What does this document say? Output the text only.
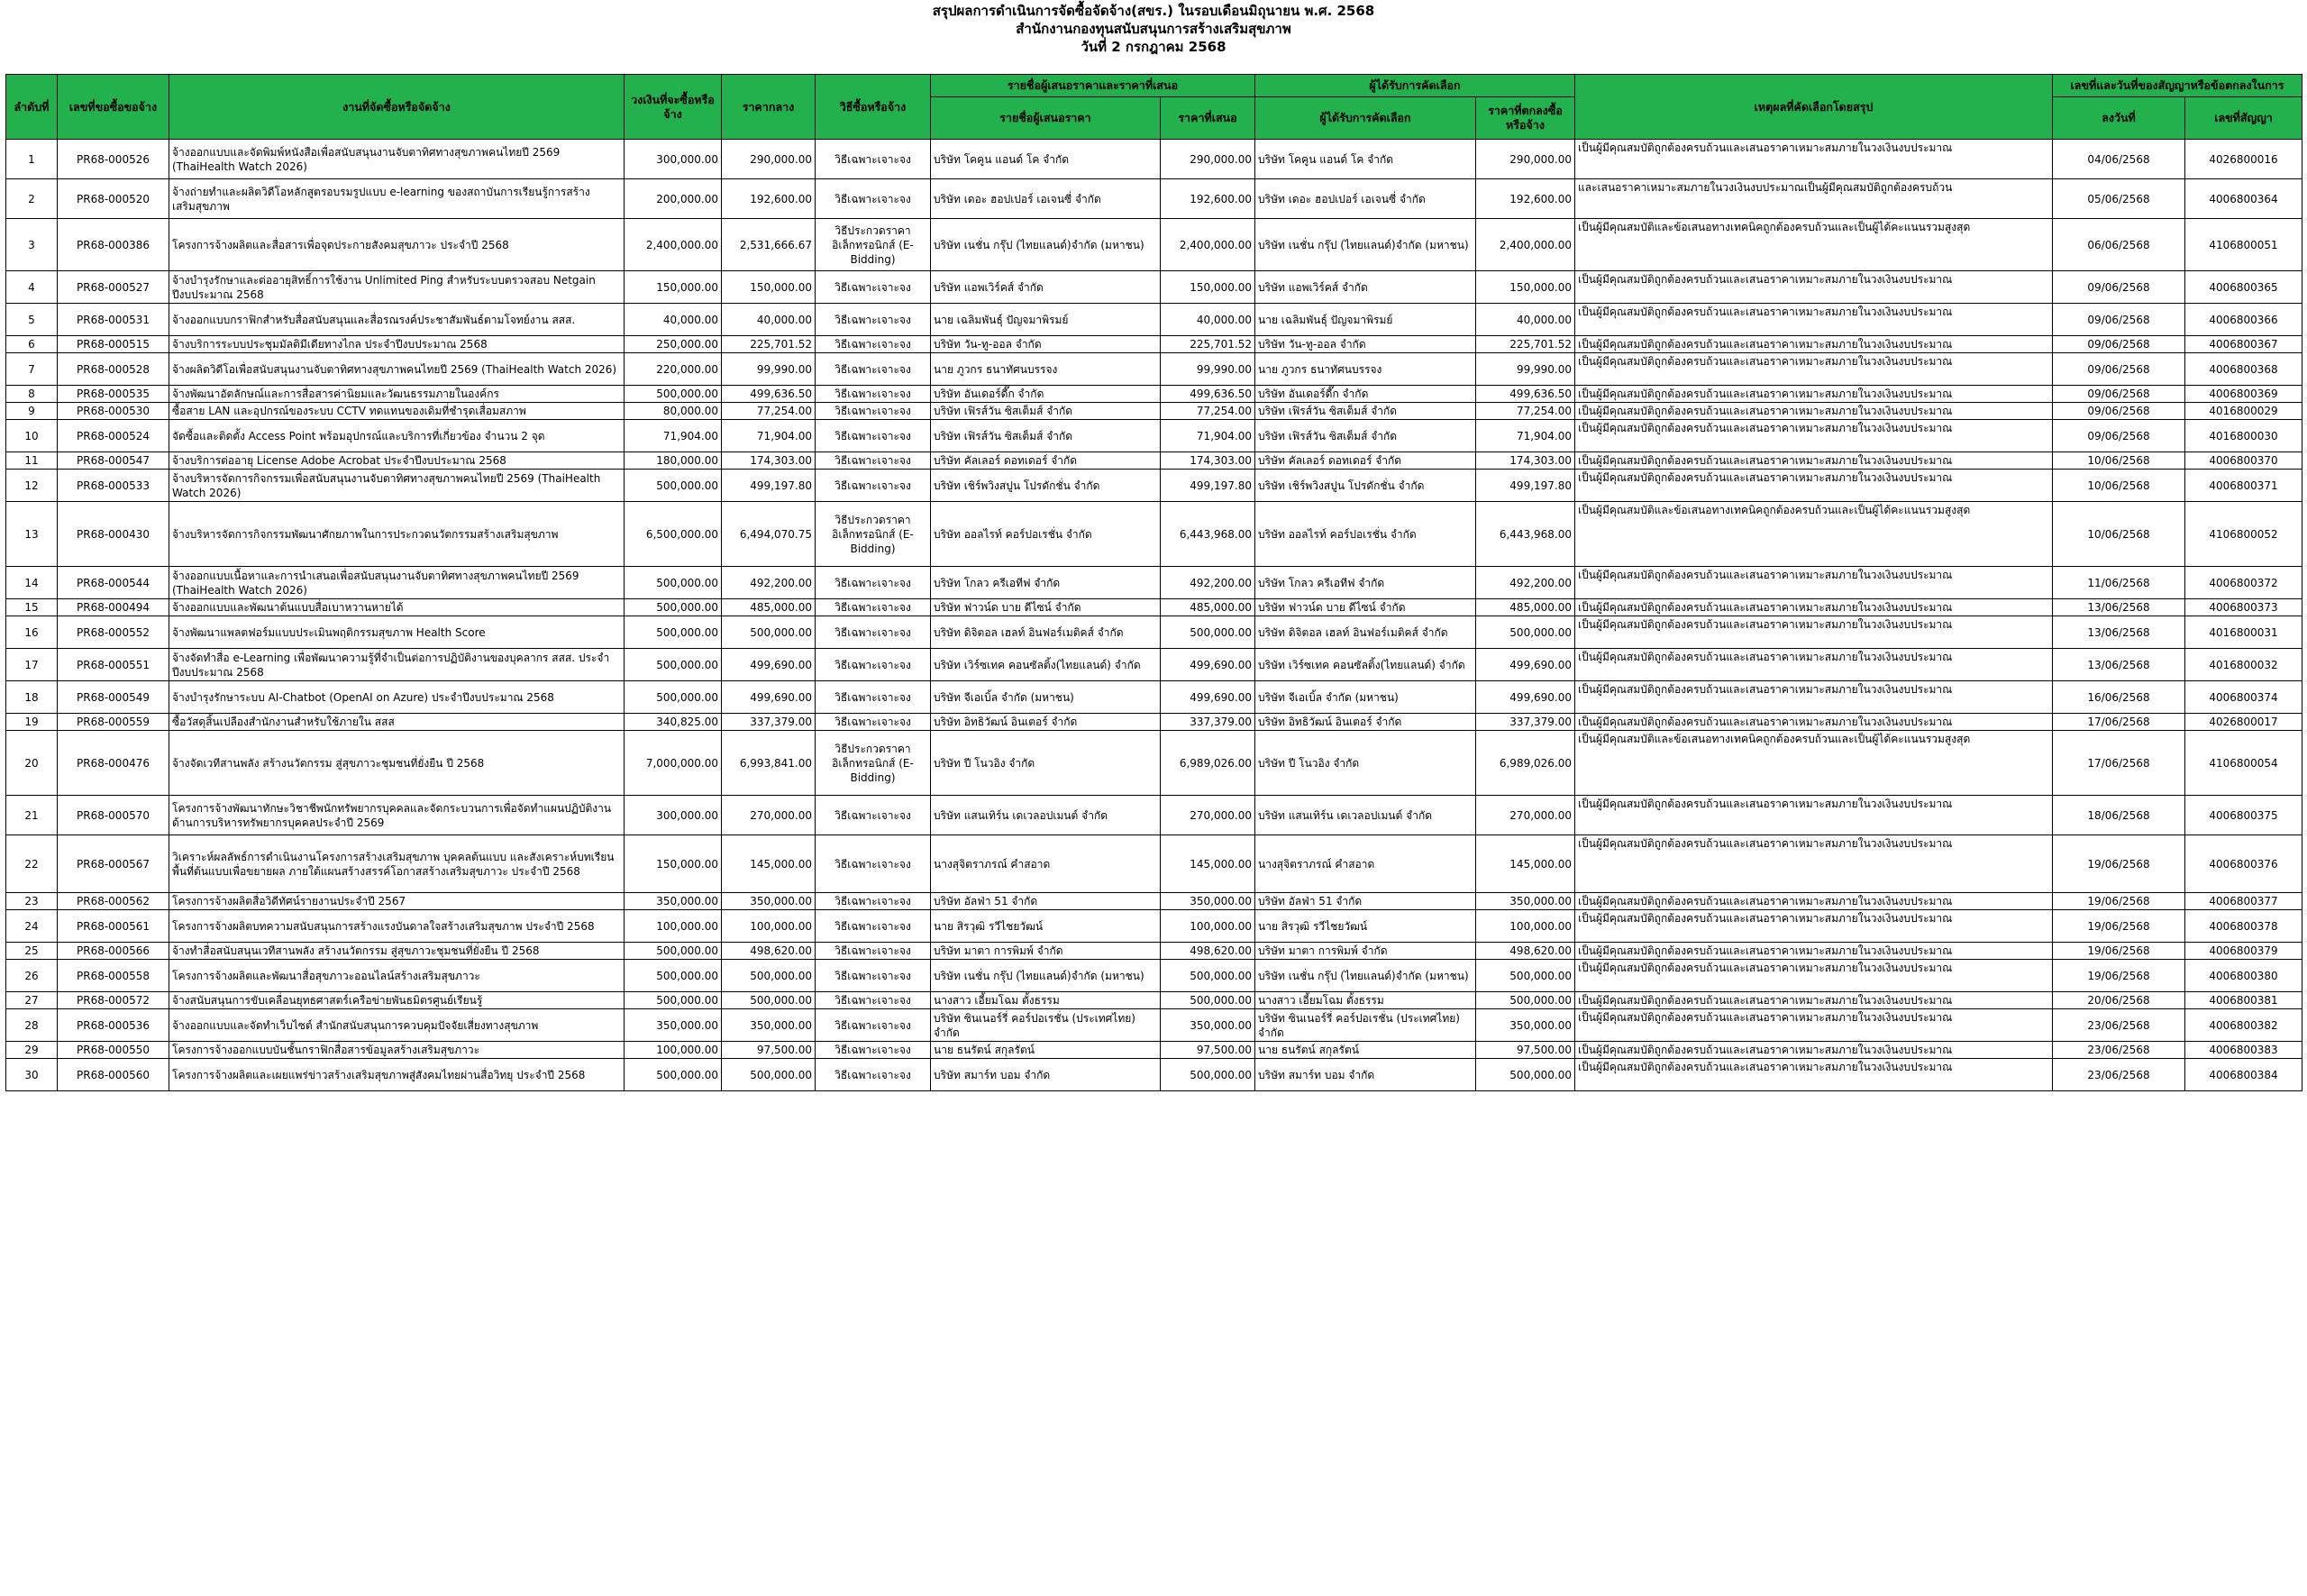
สรุปผลการดำเนินการจัดซื้อจัดจ้าง(สขร.) ในรอบเดือนมิถุนายน พ.ศ. 2568
สำนักงานกองทุนสนับสนุนการสร้างเสริมสุขภาพ
วันที่ 2 กรกฎาคม 2568
ลำดับที่	เลขที่ขอซื้อขอจ้าง	งานที่จัดซื้อหรือจัดจ้าง	วงเงินที่จะซื้อหรือจ้าง	ราคากลาง	วิธีซื้อหรือจ้าง	รายชื่อผู้เสนอราคาและราคาที่เสนอ		ผู้ได้รับการคัดเลือก		เหตุผลที่คัดเลือกโดยสรุป	เลขที่และวันที่ของสัญญาหรือข้อตกลงในการ	
						รายชื่อผู้เสนอราคา	ราคาที่เสนอ	ผู้ได้รับการคัดเลือก	ราคาที่ตกลงซื้อหรือจ้าง		ลงวันที่	เลขที่สัญญา
1	PR68-000526	จ้างออกแบบและจัดพิมพ์หนังสือเพื่อสนับสนุนงานจับตาทิศทางสุขภาพคนไทยปี 2569 (ThaiHealth Watch 2026)	300,000.00	290,000.00	วิธีเฉพาะเจาะจง	บริษัท โคคูน แอนด์ โค จำกัด	290,000.00	บริษัท โคคูน แอนด์ โค จำกัด	290,000.00	เป็นผู้มีคุณสมบัติถูกต้องครบถ้วนและเสนอราคาเหมาะสมภายในวงเงินงบประมาณ	04/06/2568	4026800016
2	PR68-000520	จ้างถ่ายทำและผลิตวิดีโอหลักสูตรอบรมรูปแบบ e-learning ของสถาบันการเรียนรู้การสร้างเสริมสุขภาพ	200,000.00	192,600.00	วิธีเฉพาะเจาะจง	บริษัท เดอะ ฮอปเปอร์ เอเจนซี่ จำกัด	192,600.00	บริษัท เดอะ ฮอปเปอร์ เอเจนซี่ จำกัด	192,600.00	และเสนอราคาเหมาะสมภายในวงเงินงบประมาณเป็นผู้มีคุณสมบัติถูกต้องครบถ้วน	05/06/2568	4006800364
3	PR68-000386	โครงการจ้างผลิตและสื่อสารเพื่อจุดประกายสังคมสุขภาวะ ประจำปี 2568	2,400,000.00	2,531,666.67	วิธีประกวดราคาอิเล็กทรอนิกส์ (E-Bidding)	บริษัท เนชั่น กรุ๊ป (ไทยแลนด์)จำกัด (มหาชน)	2,400,000.00	บริษัท เนชั่น กรุ๊ป (ไทยแลนด์)จำกัด (มหาชน)	2,400,000.00	เป็นผู้มีคุณสมบัติและข้อเสนอทางเทคนิคถูกต้องครบถ้วนและเป็นผู้ได้คะแนนรวมสูงสุด	06/06/2568	4106800051
4	PR68-000527	จ้างบำรุงรักษาและต่ออายุสิทธิ์การใช้งาน Unlimited Ping สำหรับระบบตรวจสอบ Netgain ปีงบประมาณ 2568	150,000.00	150,000.00	วิธีเฉพาะเจาะจง	บริษัท แอพเวิร์คส์ จำกัด	150,000.00	บริษัท แอพเวิร์คส์ จำกัด	150,000.00	เป็นผู้มีคุณสมบัติถูกต้องครบถ้วนและเสนอราคาเหมาะสมภายในวงเงินงบประมาณ	09/06/2568	4006800365
5	PR68-000531	จ้างออกแบบกราฟิกสำหรับสื่อสนับสนุนและสื่อรณรงค์ประชาสัมพันธ์ตามโจทย์งาน สสส.	40,000.00	40,000.00	วิธีเฉพาะเจาะจง	นาย เฉลิมพันธุ์ ปัญจมาพิรมย์	40,000.00	นาย เฉลิมพันธุ์ ปัญจมาพิรมย์	40,000.00	เป็นผู้มีคุณสมบัติถูกต้องครบถ้วนและเสนอราคาเหมาะสมภายในวงเงินงบประมาณ	09/06/2568	4006800366
6	PR68-000515	จ้างบริการระบบประชุมมัลติมีเดียทางไกล ประจำปีงบประมาณ 2568	250,000.00	225,701.52	วิธีเฉพาะเจาะจง	บริษัท วัน-ทู-ออล จำกัด	225,701.52	บริษัท วัน-ทู-ออล จำกัด	225,701.52	เป็นผู้มีคุณสมบัติถูกต้องครบถ้วนและเสนอราคาเหมาะสมภายในวงเงินงบประมาณ	09/06/2568	4006800367
7	PR68-000528	จ้างผลิตวิดีโอเพื่อสนับสนุนงานจับตาทิศทางสุขภาพคนไทยปี 2569 (ThaiHealth Watch 2026)	220,000.00	99,990.00	วิธีเฉพาะเจาะจง	นาย ภูวกร ธนาทัศนบรรจง	99,990.00	นาย ภูวกร ธนาทัศนบรรจง	99,990.00	เป็นผู้มีคุณสมบัติถูกต้องครบถ้วนและเสนอราคาเหมาะสมภายในวงเงินงบประมาณ	09/06/2568	4006800368
8	PR68-000535	จ้างพัฒนาอัตลักษณ์และการสื่อสารค่านิยมและวัฒนธรรมภายในองค์กร	500,000.00	499,636.50	วิธีเฉพาะเจาะจง	บริษัท อันเดอร์ดี๊ก จำกัด	499,636.50	บริษัท อันเดอร์ดี๊ก จำกัด	499,636.50	เป็นผู้มีคุณสมบัติถูกต้องครบถ้วนและเสนอราคาเหมาะสมภายในวงเงินงบประมาณ	09/06/2568	4006800369
9	PR68-000530	ซื้อสาย LAN และอุปกรณ์ของระบบ CCTV ทดแทนของเดิมที่ชำรุดเสื่อมสภาพ	80,000.00	77,254.00	วิธีเฉพาะเจาะจง	บริษัท เฟิรส์วัน ซิสเต็มส์ จำกัด	77,254.00	บริษัท เฟิรส์วัน ซิสเต็มส์ จำกัด	77,254.00	เป็นผู้มีคุณสมบัติถูกต้องครบถ้วนและเสนอราคาเหมาะสมภายในวงเงินงบประมาณ	09/06/2568	4016800029
10	PR68-000524	จัดซื้อและติดตั้ง Access Point พร้อมอุปกรณ์และบริการที่เกี่ยวข้อง จำนวน 2 จุด	71,904.00	71,904.00	วิธีเฉพาะเจาะจง	บริษัท เฟิรส์วัน ซิสเต็มส์ จำกัด	71,904.00	บริษัท เฟิรส์วัน ซิสเต็มส์ จำกัด	71,904.00	เป็นผู้มีคุณสมบัติถูกต้องครบถ้วนและเสนอราคาเหมาะสมภายในวงเงินงบประมาณ	09/06/2568	4016800030
11	PR68-000547	จ้างบริการต่ออายุ License Adobe Acrobat ประจำปีงบประมาณ 2568	180,000.00	174,303.00	วิธีเฉพาะเจาะจง	บริษัท คัลเลอร์ ดอทเดอร์ จำกัด	174,303.00	บริษัท คัลเลอร์ ดอทเดอร์ จำกัด	174,303.00	เป็นผู้มีคุณสมบัติถูกต้องครบถ้วนและเสนอราคาเหมาะสมภายในวงเงินงบประมาณ	10/06/2568	4006800370
12	PR68-000533	จ้างบริหารจัดการกิจกรรมเพื่อสนับสนุนงานจับตาทิศทางสุขภาพคนไทยปี 2569 (ThaiHealth Watch 2026)	500,000.00	499,197.80	วิธีเฉพาะเจาะจง	บริษัท เชิร์พวิงสปูน โปรดักชั่น จำกัด	499,197.80	บริษัท เชิร์พวิงสปูน โปรดักชั่น จำกัด	499,197.80	เป็นผู้มีคุณสมบัติถูกต้องครบถ้วนและเสนอราคาเหมาะสมภายในวงเงินงบประมาณ	10/06/2568	4006800371
13	PR68-000430	จ้างบริหารจัดการกิจกรรมพัฒนาศักยภาพในการประกวดนวัตกรรมสร้างเสริมสุขภาพ	6,500,000.00	6,494,070.75	วิธีประกวดราคาอิเล็กทรอนิกส์ (E-Bidding)	บริษัท ออลไรท์ คอร์ปอเรชั่น จำกัด	6,443,968.00	บริษัท ออลไรท์ คอร์ปอเรชั่น จำกัด	6,443,968.00	เป็นผู้มีคุณสมบัติและข้อเสนอทางเทคนิคถูกต้องครบถ้วนและเป็นผู้ได้คะแนนรวมสูงสุด	10/06/2568	4106800052
14	PR68-000544	จ้างออกแบบเนื้อหาและการนำเสนอเพื่อสนับสนุนงานจับตาทิศทางสุขภาพคนไทยปี 2569 (ThaiHealth Watch 2026)	500,000.00	492,200.00	วิธีเฉพาะเจาะจง	บริษัท โกลว ครีเอทีฟ จำกัด	492,200.00	บริษัท โกลว ครีเอทีฟ จำกัด	492,200.00	เป็นผู้มีคุณสมบัติถูกต้องครบถ้วนและเสนอราคาเหมาะสมภายในวงเงินงบประมาณ	11/06/2568	4006800372
15	PR68-000494	จ้างออกแบบและพัฒนาต้นแบบสื่อเบาหวานหายได้	500,000.00	485,000.00	วิธีเฉพาะเจาะจง	บริษัท ฟาวน์ด บาย ดีไซน์ จำกัด	485,000.00	บริษัท ฟาวน์ด บาย ดีไซน์ จำกัด	485,000.00	เป็นผู้มีคุณสมบัติถูกต้องครบถ้วนและเสนอราคาเหมาะสมภายในวงเงินงบประมาณ	13/06/2568	4006800373
16	PR68-000552	จ้างพัฒนาแพลตฟอร์มแบบประเมินพฤติกรรมสุขภาพ Health Score	500,000.00	500,000.00	วิธีเฉพาะเจาะจง	บริษัท ดิจิตอล เฮลท์ อินฟอร์เมติคส์ จำกัด	500,000.00	บริษัท ดิจิตอล เฮลท์ อินฟอร์เมติคส์ จำกัด	500,000.00	เป็นผู้มีคุณสมบัติถูกต้องครบถ้วนและเสนอราคาเหมาะสมภายในวงเงินงบประมาณ	13/06/2568	4016800031
17	PR68-000551	จ้างจัดทำสื่อ e-Learning เพื่อพัฒนาความรู้ที่จำเป็นต่อการปฏิบัติงานของบุคลากร สสส. ประจำปีงบประมาณ 2568	500,000.00	499,690.00	วิธีเฉพาะเจาะจง	บริษัท เวิร์ซเทค คอนซัลติ้ง(ไทยแลนด์) จำกัด	499,690.00	บริษัท เวิร์ซเทค คอนซัลติ้ง(ไทยแลนด์) จำกัด	499,690.00	เป็นผู้มีคุณสมบัติถูกต้องครบถ้วนและเสนอราคาเหมาะสมภายในวงเงินงบประมาณ	13/06/2568	4016800032
18	PR68-000549	จ้างบำรุงรักษาระบบ AI-Chatbot (OpenAI on Azure) ประจำปีงบประมาณ 2568	500,000.00	499,690.00	วิธีเฉพาะเจาะจง	บริษัท จีเอเบิ้ล จำกัด (มหาชน)	499,690.00	บริษัท จีเอเบิ้ล จำกัด (มหาชน)	499,690.00	เป็นผู้มีคุณสมบัติถูกต้องครบถ้วนและเสนอราคาเหมาะสมภายในวงเงินงบประมาณ	16/06/2568	4006800374
19	PR68-000559	ซื้อวัสดุสิ้นเปลืองสำนักงานสำหรับใช้ภายใน สสส	340,825.00	337,379.00	วิธีเฉพาะเจาะจง	บริษัท อิทธิวัฒน์ อินเตอร์ จำกัด	337,379.00	บริษัท อิทธิวัฒน์ อินเตอร์ จำกัด	337,379.00	เป็นผู้มีคุณสมบัติถูกต้องครบถ้วนและเสนอราคาเหมาะสมภายในวงเงินงบประมาณ	17/06/2568	4026800017
20	PR68-000476	จ้างจัดเวทีสานพลัง สร้างนวัตกรรม สู่สุขภาวะชุมชนที่ยั่งยืน ปี 2568	7,000,000.00	6,993,841.00	วิธีประกวดราคาอิเล็กทรอนิกส์ (E-Bidding)	บริษัท ปี โนวอิง จำกัด	6,989,026.00	บริษัท ปี โนวอิง จำกัด	6,989,026.00	เป็นผู้มีคุณสมบัติและข้อเสนอทางเทคนิคถูกต้องครบถ้วนและเป็นผู้ได้คะแนนรวมสูงสุด	17/06/2568	4106800054
21	PR68-000570	โครงการจ้างพัฒนาทักษะวิชาชีพนักทรัพยากรบุคคลและจัดกระบวนการเพื่อจัดทำแผนปฏิบัติงานด้านการบริหารทรัพยากรบุคคลประจำปี 2569	300,000.00	270,000.00	วิธีเฉพาะเจาะจง	บริษัท แสนเทิร์น เดเวลอปเมนต์ จำกัด	270,000.00	บริษัท แสนเทิร์น เดเวลอปเมนต์ จำกัด	270,000.00	เป็นผู้มีคุณสมบัติถูกต้องครบถ้วนและเสนอราคาเหมาะสมภายในวงเงินงบประมาณ	18/06/2568	4006800375
22	PR68-000567	วิเคราะห์ผลลัพธ์การดำเนินงานโครงการสร้างเสริมสุขภาพ บุคคลต้นแบบ และสังเคราะห์บทเรียนพื้นที่ต้นแบบเพื่อขยายผล ภายใต้แผนสร้างสรรค์โอกาสสร้างเสริมสุขภาวะ ประจำปี 2568	150,000.00	145,000.00	วิธีเฉพาะเจาะจง	นางสุจิตราภรณ์ คำสอาด	145,000.00	นางสุจิตราภรณ์ คำสอาด	145,000.00	เป็นผู้มีคุณสมบัติถูกต้องครบถ้วนและเสนอราคาเหมาะสมภายในวงเงินงบประมาณ	19/06/2568	4006800376
23	PR68-000562	โครงการจ้างผลิตสื่อวิดีทัศน์รายงานประจำปี 2567	350,000.00	350,000.00	วิธีเฉพาะเจาะจง	บริษัท อัลฟ่า 51 จำกัด	350,000.00	บริษัท อัลฟ่า 51 จำกัด	350,000.00	เป็นผู้มีคุณสมบัติถูกต้องครบถ้วนและเสนอราคาเหมาะสมภายในวงเงินงบประมาณ	19/06/2568	4006800377
24	PR68-000561	โครงการจ้างผลิตบทความสนับสนุนการสร้างแรงบันดาลใจสร้างเสริมสุขภาพ ประจำปี 2568	100,000.00	100,000.00	วิธีเฉพาะเจาะจง	นาย สิรวุฒิ รวีไชยวัฒน์	100,000.00	นาย สิรวุฒิ รวีไชยวัฒน์	100,000.00	เป็นผู้มีคุณสมบัติถูกต้องครบถ้วนและเสนอราคาเหมาะสมภายในวงเงินงบประมาณ	19/06/2568	4006800378
25	PR68-000566	จ้างทำสื่อสนับสนุนเวทีสานพลัง สร้างนวัตกรรม สู่สุขภาวะชุมชนที่ยั่งยืน ปี 2568	500,000.00	498,620.00	วิธีเฉพาะเจาะจง	บริษัท มาตา การพิมพ์ จำกัด	498,620.00	บริษัท มาตา การพิมพ์ จำกัด	498,620.00	เป็นผู้มีคุณสมบัติถูกต้องครบถ้วนและเสนอราคาเหมาะสมภายในวงเงินงบประมาณ	19/06/2568	4006800379
26	PR68-000558	โครงการจ้างผลิตและพัฒนาสื่อสุขภาวะออนไลน์สร้างเสริมสุขภาวะ	500,000.00	500,000.00	วิธีเฉพาะเจาะจง	บริษัท เนชั่น กรุ๊ป (ไทยแลนด์)จำกัด (มหาชน)	500,000.00	บริษัท เนชั่น กรุ๊ป (ไทยแลนด์)จำกัด (มหาชน)	500,000.00	เป็นผู้มีคุณสมบัติถูกต้องครบถ้วนและเสนอราคาเหมาะสมภายในวงเงินงบประมาณ	19/06/2568	4006800380
27	PR68-000572	จ้างสนับสนุนการขับเคลื่อนยุทธศาสตร์เครือข่ายพันธมิตรศูนย์เรียนรู้	500,000.00	500,000.00	วิธีเฉพาะเจาะจง	นางสาว เอี้ยมโฉม ตั้งธรรม	500,000.00	นางสาว เอี้ยมโฉม ตั้งธรรม	500,000.00	เป็นผู้มีคุณสมบัติถูกต้องครบถ้วนและเสนอราคาเหมาะสมภายในวงเงินงบประมาณ	20/06/2568	4006800381
28	PR68-000536	จ้างออกแบบและจัดทำเว็บไซต์ สำนักสนับสนุนการควบคุมปัจจัยเสี่ยงทางสุขภาพ	350,000.00	350,000.00	วิธีเฉพาะเจาะจง	บริษัท ซินเนอร์รี่ คอร์ปอเรชั่น (ประเทศไทย) จำกัด	350,000.00	บริษัท ซินเนอร์รี่ คอร์ปอเรชั่น (ประเทศไทย) จำกัด	350,000.00	เป็นผู้มีคุณสมบัติถูกต้องครบถ้วนและเสนอราคาเหมาะสมภายในวงเงินงบประมาณ	23/06/2568	4006800382
29	PR68-000550	โครงการจ้างออกแบบบันชั้นกราฟิกสื่อสารข้อมูลสร้างเสริมสุขภาวะ	100,000.00	97,500.00	วิธีเฉพาะเจาะจง	นาย ธนรัตน์ สกุลรัตน์	97,500.00	นาย ธนรัตน์ สกุลรัตน์	97,500.00	เป็นผู้มีคุณสมบัติถูกต้องครบถ้วนและเสนอราคาเหมาะสมภายในวงเงินงบประมาณ	23/06/2568	4006800383
30	PR68-000560	โครงการจ้างผลิตและเผยแพร่ข่าวสร้างเสริมสุขภาพสู่สังคมไทยผ่านสื่อวิทยุ ประจำปี 2568	500,000.00	500,000.00	วิธีเฉพาะเจาะจง	บริษัท สมาร์ท บอม จำกัด	500,000.00	บริษัท สมาร์ท บอม จำกัด	500,000.00	เป็นผู้มีคุณสมบัติถูกต้องครบถ้วนและเสนอราคาเหมาะสมภายในวงเงินงบประมาณ	23/06/2568	4006800384
